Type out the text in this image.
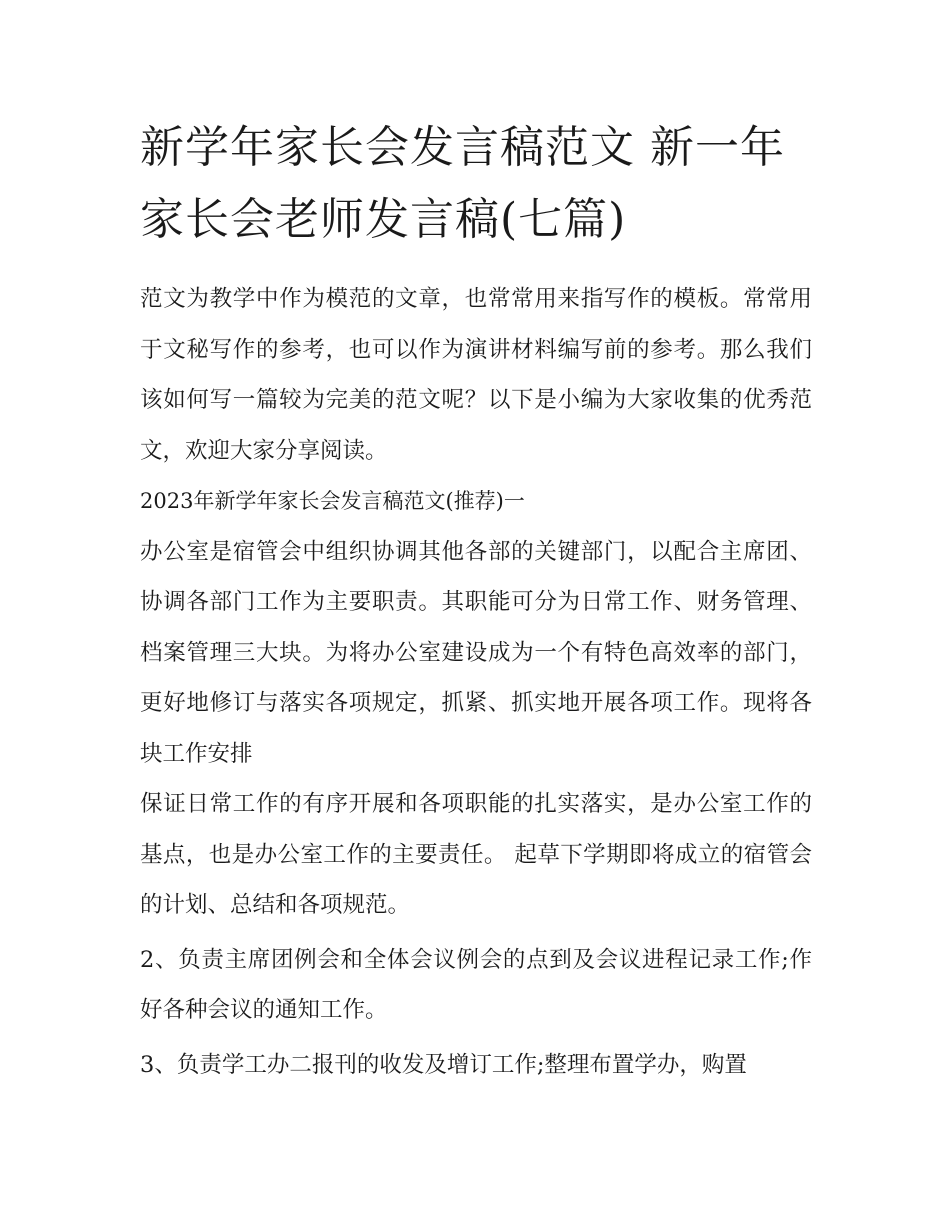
新学年家长会发言稿范文 新一年家长会老师发言稿(七篇)

范文为教学中作为模范的文章，也常常用来指写作的模板。常常用于文秘写作的参考，也可以作为演讲材料编写前的参考。那么我们该如何写一篇较为完美的范文呢？以下是小编为大家收集的优秀范文，欢迎大家分享阅读。

2023年新学年家长会发言稿范文(推荐)一

办公室是宿管会中组织协调其他各部的关键部门，以配合主席团、协调各部门工作为主要职责。其职能可分为日常工作、财务管理、档案管理三大块。为将办公室建设成为一个有特色高效率的部门，更好地修订与落实各项规定，抓紧、抓实地开展各项工作。现将各块工作安排

保证日常工作的有序开展和各项职能的扎实落实，是办公室工作的基点，也是办公室工作的主要责任。 起草下学期即将成立的宿管会的计划、总结和各项规范。

2、负责主席团例会和全体会议例会的点到及会议进程记录工作;作好各种会议的通知工作。

3、负责学工办二报刊的收发及增订工作;整理布置学办，购置
